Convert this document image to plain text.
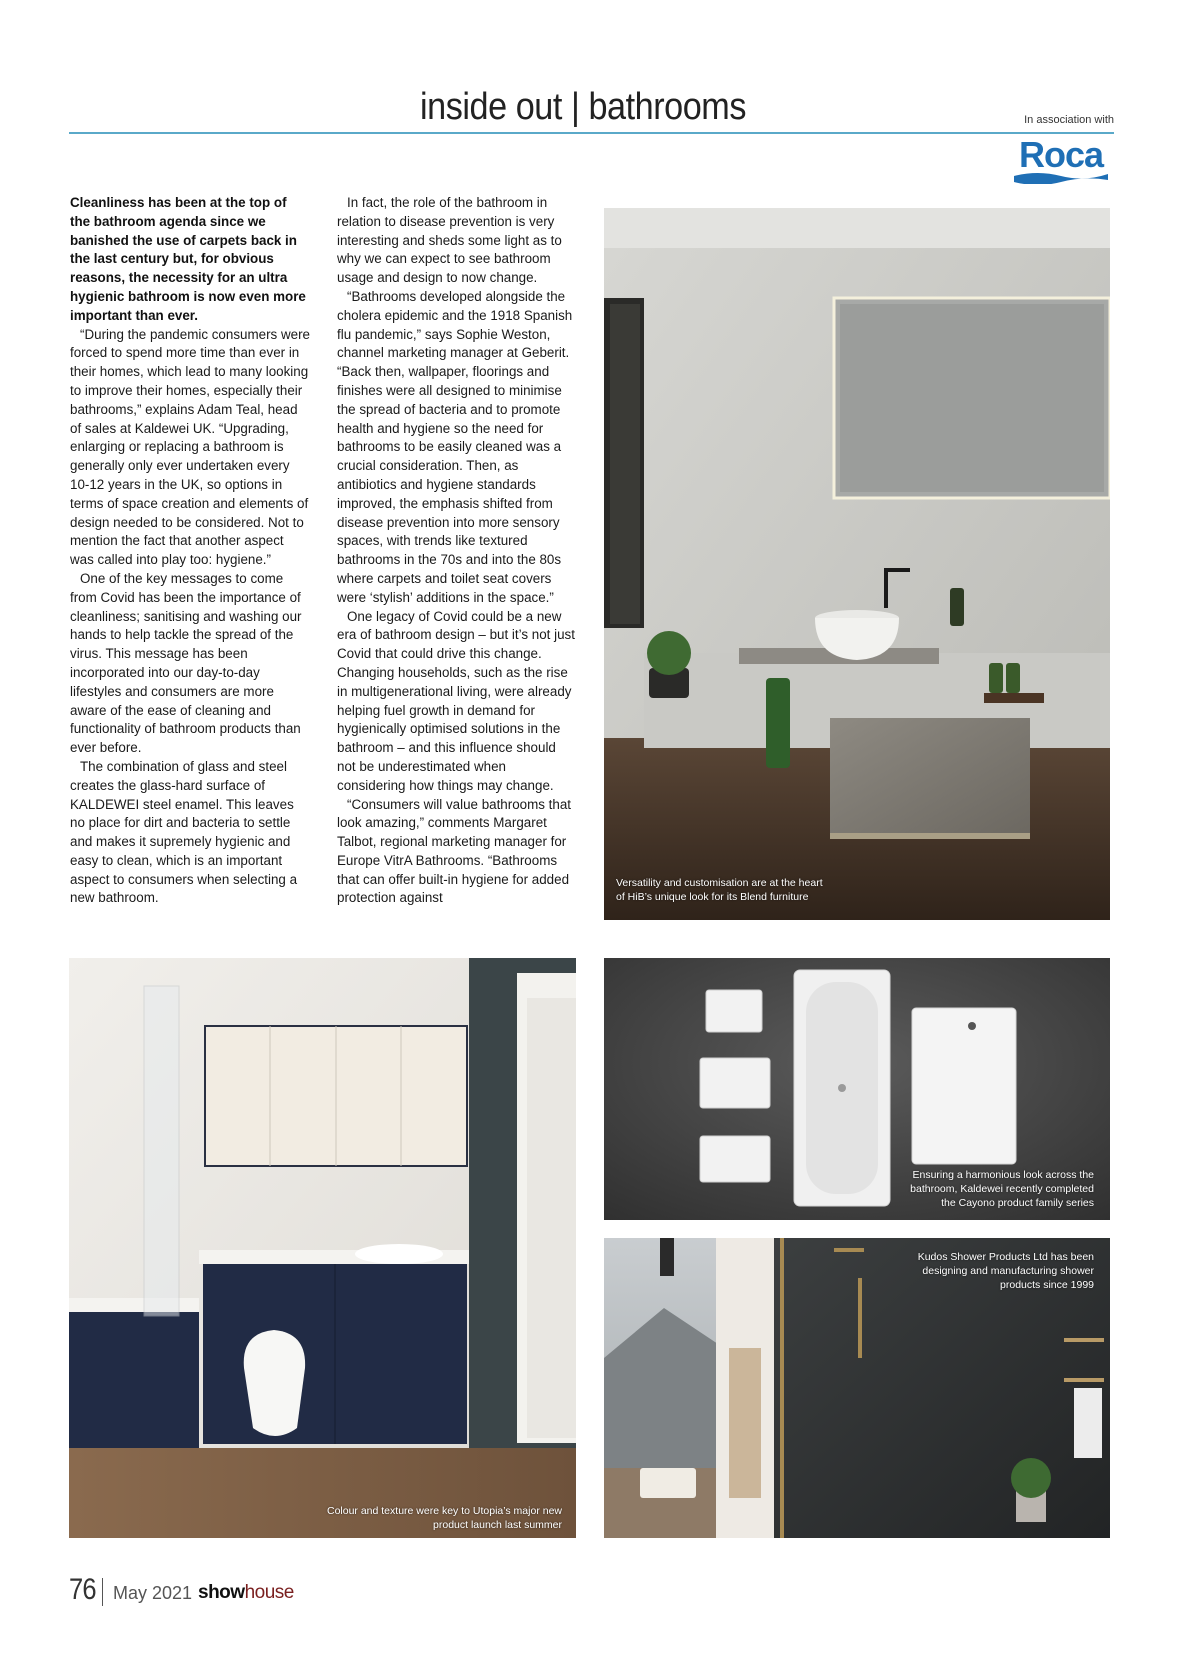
inside out | bathrooms	In association with
Roca

Cleanliness has been at the top of the bathroom agenda since we banished the use of carpets back in the last century but, for obvious reasons, the necessity for an ultra hygienic bathroom is now even more important than ever.

“During the pandemic consumers were forced to spend more time than ever in their homes, which lead to many looking to improve their homes, especially their bathrooms,” explains Adam Teal, head of sales at Kaldewei UK. “Upgrading, enlarging or replacing a bathroom is generally only ever undertaken every 10-12 years in the UK, so options in terms of space creation and elements of design needed to be considered. Not to mention the fact that another aspect was called into play too: hygiene.”

One of the key messages to come from Covid has been the importance of cleanliness; sanitising and washing our hands to help tackle the spread of the virus. This message has been incorporated into our day-to-day lifestyles and consumers are more aware of the ease of cleaning and functionality of bathroom products than ever before.

The combination of glass and steel creates the glass-hard surface of KALDEWEI steel enamel. This leaves no place for dirt and bacteria to settle and makes it supremely hygienic and easy to clean, which is an important aspect to consumers when selecting a new bathroom.

In fact, the role of the bathroom in relation to disease prevention is very interesting and sheds some light as to why we can expect to see bathroom usage and design to now change.

“Bathrooms developed alongside the cholera epidemic and the 1918 Spanish flu pandemic,” says Sophie Weston, channel marketing manager at Geberit. “Back then, wallpaper, floorings and finishes were all designed to minimise the spread of bacteria and to promote health and hygiene so the need for bathrooms to be easily cleaned was a crucial consideration. Then, as antibiotics and hygiene standards improved, the emphasis shifted from disease prevention into more sensory spaces, with trends like textured bathrooms in the 70s and into the 80s where carpets and toilet seat covers were ‘stylish’ additions in the space.”

One legacy of Covid could be a new era of bathroom design – but it’s not just Covid that could drive this change. Changing households, such as the rise in multigenerational living, were already helping fuel growth in demand for hygienically optimised solutions in the bathroom – and this influence should not be underestimated when considering how things may change.

“Consumers will value bathrooms that look amazing,” comments Margaret Talbot, regional marketing manager for Europe VitrA Bathrooms. “Bathrooms that can offer built-in hygiene for added protection against

Versatility and customisation are at the heart
of HiB’s unique look for its Blend furniture
Colour and texture were key to Utopia’s major new
product launch last summer
Ensuring a harmonious look across the
bathroom, Kaldewei recently completed
the Cayono product family series
Kudos Shower Products Ltd has been
designing and manufacturing shower
products since 1999
76 May 2021 showhouse
